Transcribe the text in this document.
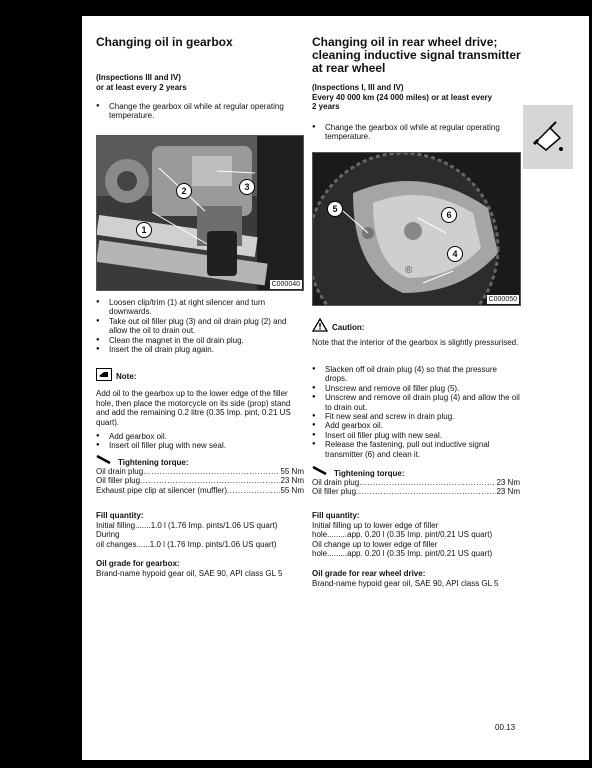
Changing oil in gearbox

(Inspections III and IV)

or at least every 2 years

● Change the gearbox oil while at regular operating temperature.
2	3
1
C000040
● Loosen clip/trim (1) at right silencer and turn downwards.
● Take out oil filler plug (3) and oil drain plug (2) and allow the oil to drain out.
● Clean the magnet in the oil drain plug.
● Insert the oil drain plug again.
Note:

Add oil to the gearbox up to the lower edge of the filler hole, then place the motorcycle on its side (prop) stand and add the remaining 0.2 litre (0.35 Imp. pint, 0.21 US quart).

● Add gearbox oil.
● Insert oil filler plug with new seal.
Tightening torque:
Oil drain plug .....	55 Nm
Oil filler plug .....	23 Nm
Exhaust pipe clip at silencer (muffler) .....	55 Nm

Fill quantity:

Initial filling.......1.0 l (1.76 Imp. pints/1.06 US quart)

During

oil changes......1.0 l (1.76 Imp. pints/1.06 US quart)

Oil grade for gearbox:

Brand-name hypoid gear oil, SAE 90, API class GL 5

Changing oil in rear wheel drive; cleaning inductive signal transmitter at rear wheel

(Inspections I, III and IV)

Every 40 000 km (24 000 miles) or at least every

2 years

● Change the gearbox oil while at regular operating temperature.
®
5
6
4
C000050
Caution:

Note that the interior of the gearbox is slightly pressurised.

● Slacken off oil drain plug (4) so that the pressure drops.
● Unscrew and remove oil filler plug (5).
● Unscrew and remove oil drain plug (4) and allow the oil to drain out.
● Fit new seal and screw in drain plug.
● Add gearbox oil.
● Insert oil filler plug with new seal.
● Release the fastening, pull out inductive signal transmitter (6) and clean it.
Tightening torque:
Oil drain plug .....	23 Nm
Oil filler plug .....	23 Nm

Fill quantity:

Initial filling up to lower edge of filler

hole.........app. 0.20 l (0.35 Imp. pint/0.21 US quart)

Oil change up to lower edge of filler

hole.........app. 0.20 l (0.35 Imp. pint/0.21 US quart)

Oil grade for rear wheel drive:

Brand-name hypoid gear oil, SAE 90, API class GL 5

00.13
